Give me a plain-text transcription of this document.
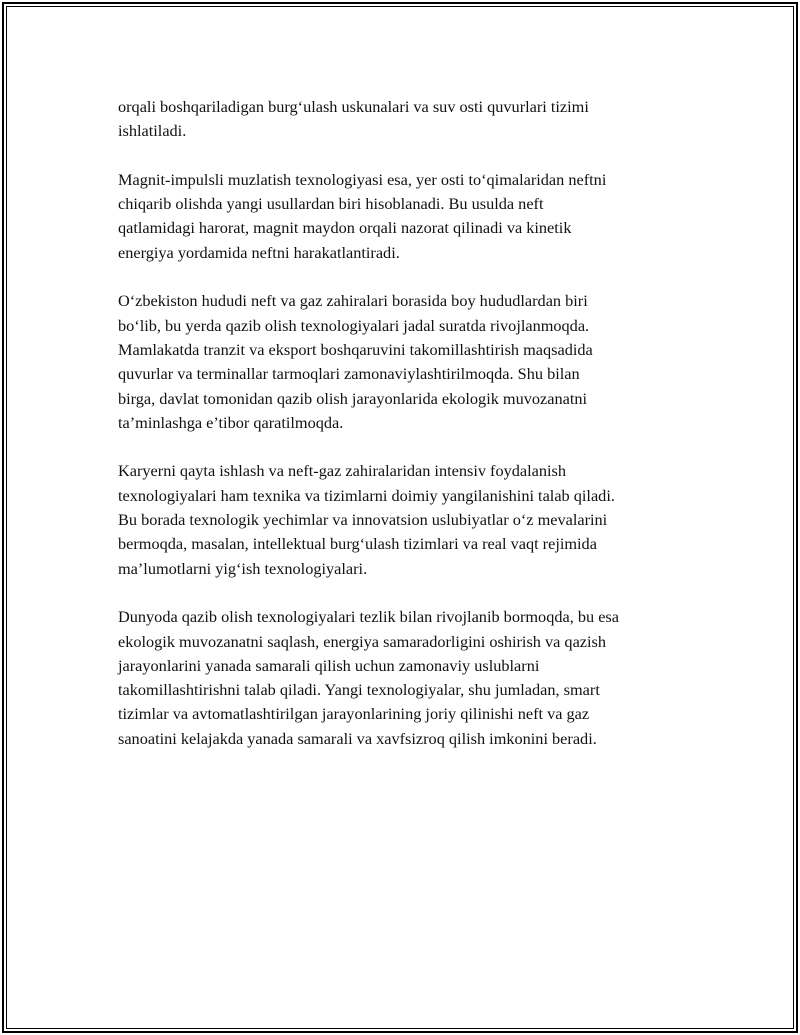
orqali boshqariladigan burg‘ulash uskunalari va suv osti quvurlari tizimi
ishlatiladi.

Magnit-impulsli muzlatish texnologiyasi esa, yer osti to‘qimalaridan neftni
chiqarib olishda yangi usullardan biri hisoblanadi. Bu usulda neft
qatlamidagi harorat, magnit maydon orqali nazorat qilinadi va kinetik
energiya yordamida neftni harakatlantiradi.

O‘zbekiston hududi neft va gaz zahiralari borasida boy hududlardan biri
bo‘lib, bu yerda qazib olish texnologiyalari jadal suratda rivojlanmoqda.
Mamlakatda tranzit va eksport boshqaruvini takomillashtirish maqsadida
quvurlar va terminallar tarmoqlari zamonaviylashtirilmoqda. Shu bilan
birga, davlat tomonidan qazib olish jarayonlarida ekologik muvozanatni
ta’minlashga e’tibor qaratilmoqda.

Karyerni qayta ishlash va neft-gaz zahiralaridan intensiv foydalanish
texnologiyalari ham texnika va tizimlarni doimiy yangilanishini talab qiladi.
Bu borada texnologik yechimlar va innovatsion uslubiyatlar o‘z mevalarini
bermoqda, masalan, intellektual burg‘ulash tizimlari va real vaqt rejimida
ma’lumotlarni yig‘ish texnologiyalari.

Dunyoda qazib olish texnologiyalari tezlik bilan rivojlanib bormoqda, bu esa
ekologik muvozanatni saqlash, energiya samaradorligini oshirish va qazish
jarayonlarini yanada samarali qilish uchun zamonaviy uslublarni
takomillashtirishni talab qiladi. Yangi texnologiyalar, shu jumladan, smart
tizimlar va avtomatlashtirilgan jarayonlarining joriy qilinishi neft va gaz
sanoatini kelajakda yanada samarali va xavfsizroq qilish imkonini beradi.
